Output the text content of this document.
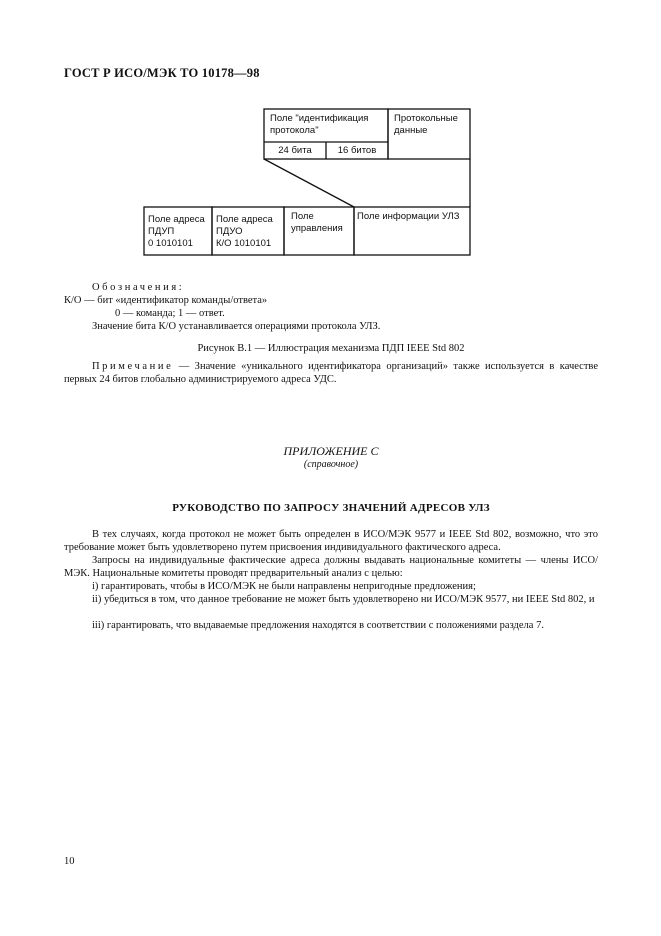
ГОСТ Р ИСО/МЭК ТО 10178—98
Поле "идентификация протокола"
Протокольные данные
24 бита	16 битов
Поле адреса
ПДУП
0 1010101
Поле адреса
ПДУО
К/О 1010101
Поле управления
Поле информации УЛЗ
Обозначения:
К/О — бит «идентификатор команды/ответа»
0 — команда; 1 — ответ.
Значение бита К/О устанавливается операциями протокола УЛЗ.
Рисунок В.1 — Иллюстрация механизма ПДП IEEE Std 802
Примечание — Значение «уникального идентификатора организаций» также используется в качестве первых 24 битов глобально администрируемого адреса УДС.
ПРИЛОЖЕНИЕ С
(справочное)
РУКОВОДСТВО ПО ЗАПРОСУ ЗНАЧЕНИЙ АДРЕСОВ УЛЗ
В тех случаях, когда протокол не может быть определен в ИСО/МЭК 9577 и IEEE Std 802, возможно, что это требование может быть удовлетворено путем присвоения индивидуального фактического адреса.
Запросы на индивидуальные фактические адреса должны выдавать национальные комитеты — члены ИСО/МЭК. Национальные комитеты проводят предварительный анализ с целью:
i) гарантировать, чтобы в ИСО/МЭК не были направлены непригодные предложения;
ii) убедиться в том, что данное требование не может быть удовлетворено ни ИСО/МЭК 9577, ни IEEE Std 802, и
iii) гарантировать, что выдаваемые предложения находятся в соответствии с положениями раздела 7.
10
